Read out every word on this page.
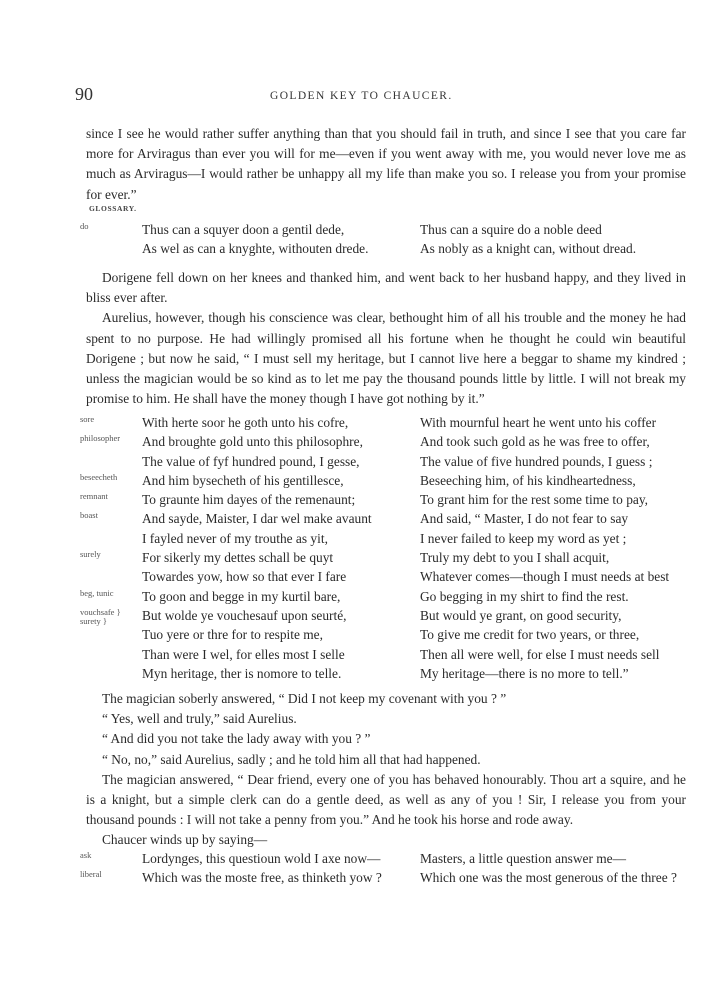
90	GOLDEN KEY TO CHAUCER.

since I see he would rather suffer anything than that you should fail in truth, and since I see that you care far more for Arviragus than ever you will for me—even if you went away with me, you would never love me as much as Arviragus—I would rather be unhappy all my life than make you so. I release you from your promise for ever.”

GLOSSARY.
do	Thus can a squyer doon a gentil dede,	Thus can a squire do a noble deed
As wel as can a knyghte, withouten drede.	As nobly as a knight can, without dread.

Dorigene fell down on her knees and thanked him, and went back to her husband happy, and they lived in bliss ever after.

Aurelius, however, though his conscience was clear, bethought him of all his trouble and the money he had spent to no purpose. He had willingly promised all his fortune when he thought he could win beautiful Dorigene ; but now he said, “ I must sell my heritage, but I cannot live here a beggar to shame my kindred ; unless the magician would be so kind as to let me pay the thousand pounds little by little. I will not break my promise to him. He shall have the money though I have got nothing by it.”

sore	With herte soor he goth unto his cofre,	With mournful heart he went unto his coffer
philosopher	And broughte gold unto this philosophre,	And took such gold as he was free to offer,
The value of fyf hundred pound, I gesse,	The value of five hundred pounds, I guess ;
beseecheth	And him bysecheth of his gentillesce,	Beseeching him, of his kindheartedness,
remnant	To graunte him dayes of the remenaunt;	To grant him for the rest some time to pay,
boast	And sayde, Maister, I dar wel make avaunt	And said, “ Master, I do not fear to say
I fayled never of my trouthe as yit,	I never failed to keep my word as yet ;
surely	For sikerly my dettes schall be quyt	Truly my debt to you I shall acquit,
Towardes yow, how so that ever I fare	Whatever comes—though I must needs at best
beg, tunic	To goon and begge in my kurtil bare,	Go begging in my shirt to find the rest.
vouchsafe } surety }	But wolde ye vouchesauf upon seurté,	But would ye grant, on good security,
Tuo yere or thre for to respite me,	To give me credit for two years, or three,
Than were I wel, for elles most I selle	Then all were well, for else I must needs sell
Myn heritage, ther is nomore to telle.	My heritage—there is no more to tell.”

The magician soberly answered, “ Did I not keep my covenant with you ? ”

“ Yes, well and truly,” said Aurelius.

“ And did you not take the lady away with you ? ”

“ No, no,” said Aurelius, sadly ; and he told him all that had happened.

The magician answered, “ Dear friend, every one of you has behaved honourably. Thou art a squire, and he is a knight, but a simple clerk can do a gentle deed, as well as any of you ! Sir, I release you from your thousand pounds : I will not take a penny from you.” And he took his horse and rode away.

Chaucer winds up by saying—

ask	Lordynges, this questioun wold I axe now—	Masters, a little question answer me—
liberal	Which was the moste free, as thinketh yow ?	Which one was the most generous of the three ?
